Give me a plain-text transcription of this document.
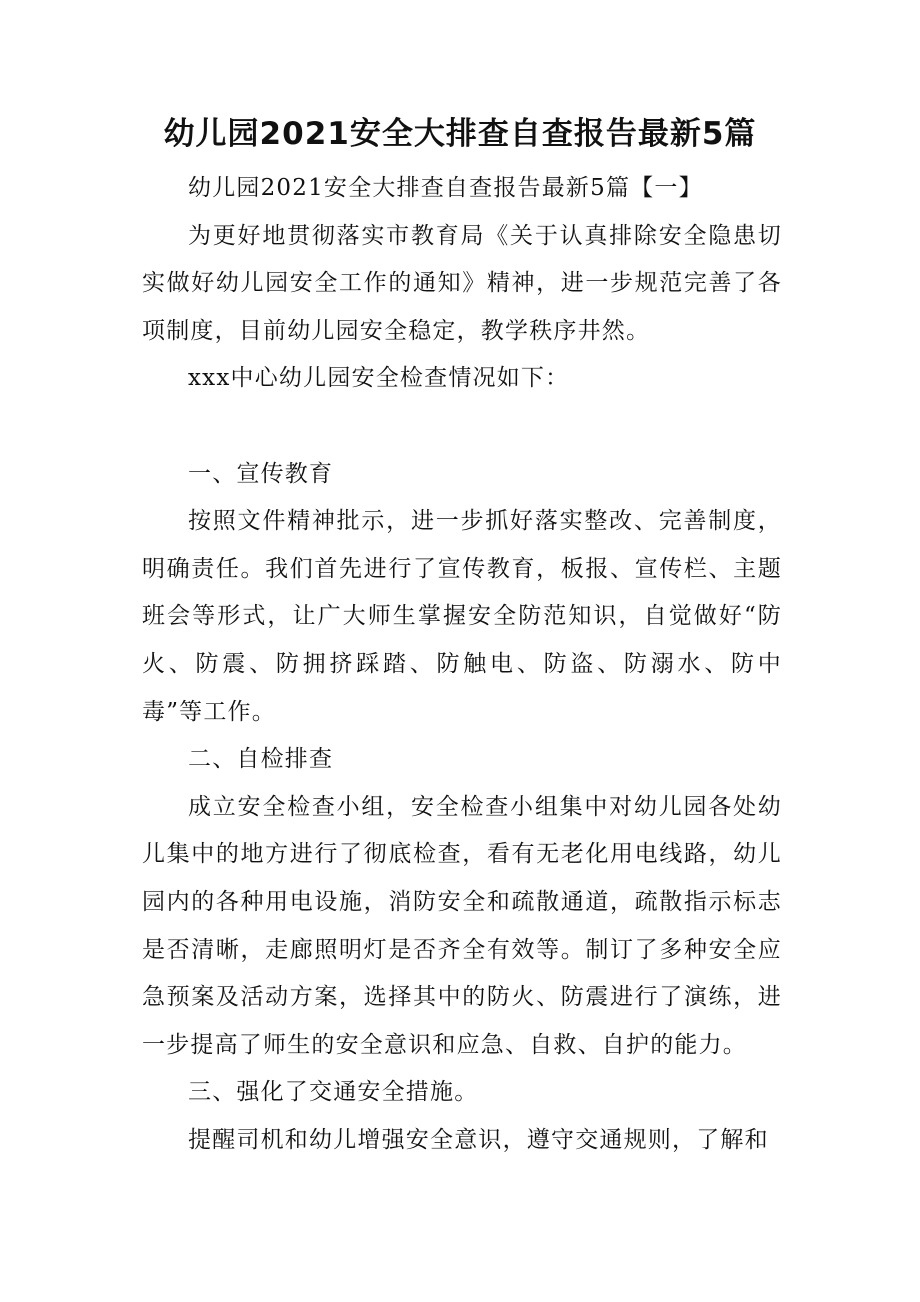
幼儿园2021安全大排查自查报告最新5篇

幼儿园2021安全大排查自查报告最新5篇【一】

为更好地贯彻落实市教育局《关于认真排除安全隐患切实做好幼儿园安全工作的通知》精神，进一步规范完善了各项制度，目前幼儿园安全稳定，教学秩序井然。

xxx中心幼儿园安全检查情况如下：

一、宣传教育

按照文件精神批示，进一步抓好落实整改、完善制度，明确责任。我们首先进行了宣传教育，板报、宣传栏、主题班会等形式，让广大师生掌握安全防范知识，自觉做好“防火、防震、防拥挤踩踏、防触电、防盗、防溺水、防中毒”等工作。

二、自检排查

成立安全检查小组，安全检查小组集中对幼儿园各处幼儿集中的地方进行了彻底检查，看有无老化用电线路，幼儿园内的各种用电设施，消防安全和疏散通道，疏散指示标志是否清晰，走廊照明灯是否齐全有效等。制订了多种安全应急预案及活动方案，选择其中的防火、防震进行了演练，进一步提高了师生的安全意识和应急、自救、自护的能力。

三、强化了交通安全措施。

提醒司机和幼儿增强安全意识，遵守交通规则，了解和
